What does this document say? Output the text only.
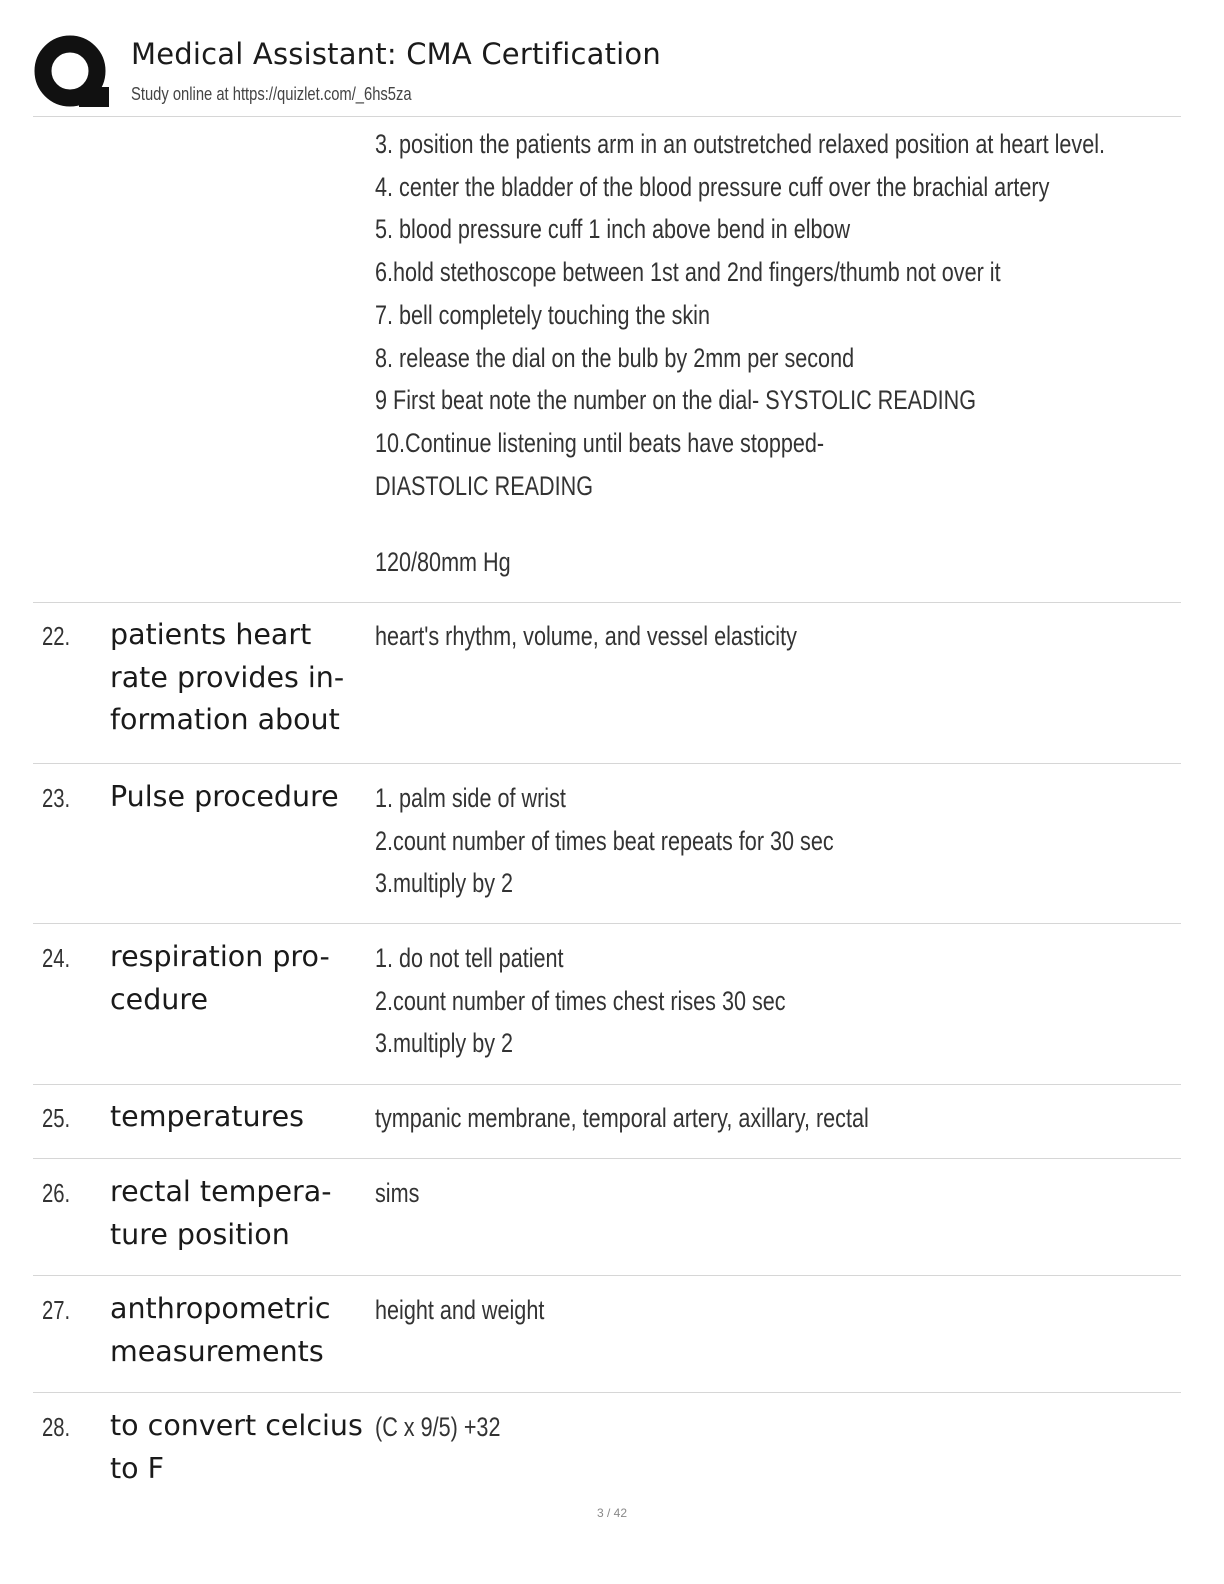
Medical Assistant: CMA Certification
Study online at https://quizlet.com/_6hs5za
3. position the patients arm in an outstretched relaxed position at heart level.
4. center the bladder of the blood pressure cuff over the brachial artery
5. blood pressure cuff 1 inch above bend in elbow
6.hold stethoscope between 1st and 2nd fingers/thumb not over it
7. bell completely touching the skin
8. release the dial on the bulb by 2mm per second
9 First beat note the number on the dial- SYSTOLIC READING
10.Continue listening until beats have stopped-
DIASTOLIC READING
120/80mm Hg
22. patients heart rate provides in-formation about
heart's rhythm, volume, and vessel elasticity
23. Pulse procedure	1. palm side of wrist
2.count number of times beat repeats for 30 sec
3.multiply by 2
24. respiration pro-cedure
1. do not tell patient
2.count number of times chest rises 30 sec
3.multiply by 2
25. temperatures	tympanic membrane, temporal artery, axillary, rectal
26. rectal tempera-ture position
sims
27. anthropometric measurements
height and weight
28. to convert celcius to F
(C x 9/5) +32
3 / 42
